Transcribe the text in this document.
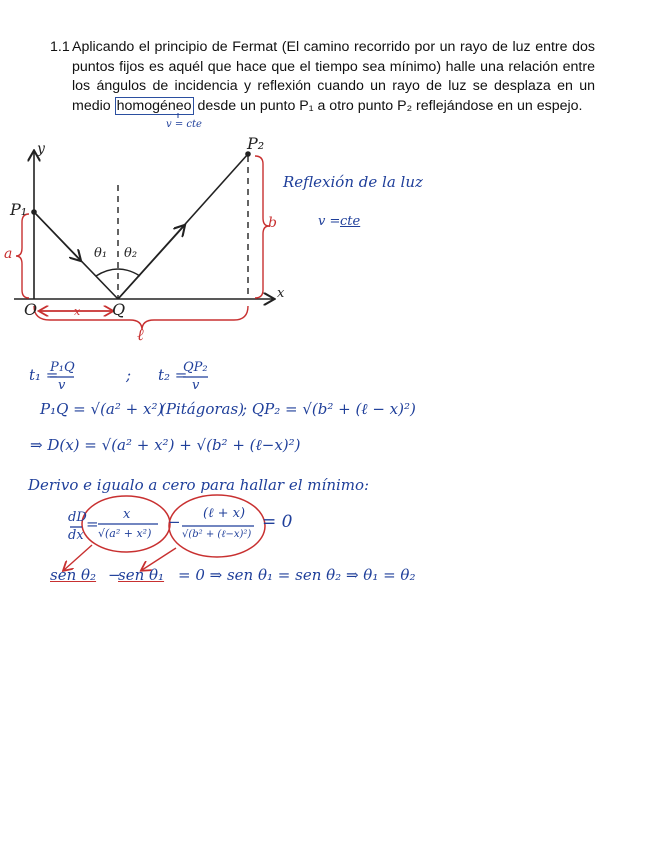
1.1 Aplicando el principio de Fermat (El camino recorrido por un rayo de luz entre dos puntos fijos es aquél que hace que el tiempo sea mínimo) halle una relación entre los ángulos de incidencia y reflexión cuando un rayo de luz se desplaza en un medio homogéneo desde un punto P₁ a otro punto P₂ reflejándose en un espejo.
v = cte
y
x
P₁
P₂
O	Q
a
b
x
ℓ
θ₁ θ₂
Reflexión de la luz
v = cte
t₁ =
P₁Q
v
; t₂ =
QP₂
v
P₁Q = √(a² + x²)
(Pitágoras)
; QP₂ = √(b² + (ℓ − x)²)
⇒ D(x) = √(a² + x²) + √(b² + (ℓ−x)²)
Derivo e igualo a cero para hallar el mínimo:
dD
dx
=
x
√(a² + x²)
− (ℓ + x)
√(b² + (ℓ−x)²)
= 0
sen θ₂ −
sen θ₁ = 0 ⇒ sen θ₁ = sen θ₂ ⇒ θ₁ = θ₂
